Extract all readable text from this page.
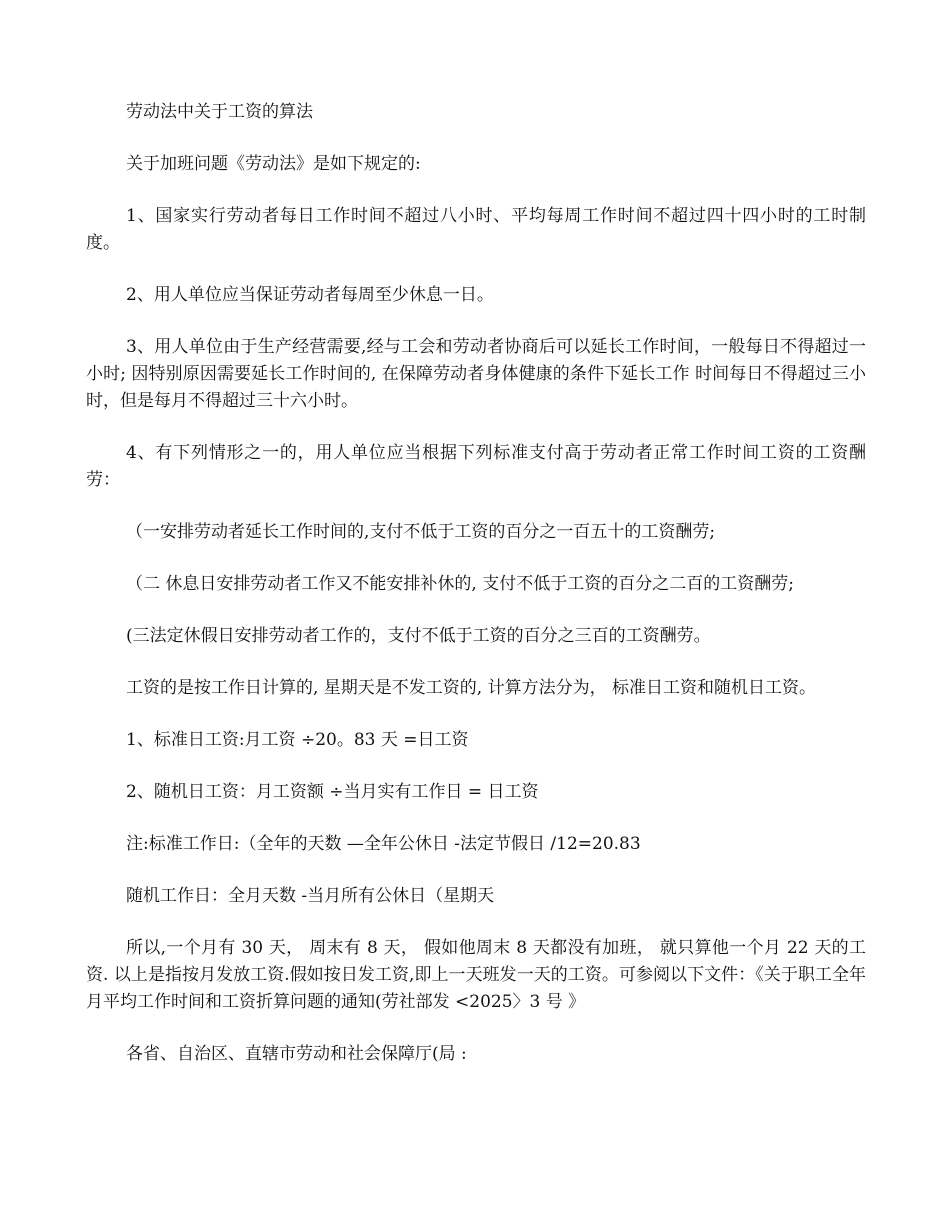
劳动法中关于工资的算法

关于加班问题《劳动法》是如下规定的:

1、国家实行劳动者每日工作时间不超过八小时、平均每周工作时间不超过四十四小时的工时制度。

2、用人单位应当保证劳动者每周至少休息一日。

3、用人单位由于生产经营需要,经与工会和劳动者协商后可以延长工作时间，一般每日不得超过一小时; 因特别原因需要延长工作时间的, 在保障劳动者身体健康的条件下延长工作 时间每日不得超过三小时，但是每月不得超过三十六小时。

4、有下列情形之一的，用人单位应当根据下列标准支付高于劳动者正常工作时间工资的工资酬劳：

（一安排劳动者延长工作时间的,支付不低于工资的百分之一百五十的工资酬劳;

（二 休息日安排劳动者工作又不能安排补休的, 支付不低于工资的百分之二百的工资酬劳;

(三法定休假日安排劳动者工作的，支付不低于工资的百分之三百的工资酬劳。

工资的是按工作日计算的, 星期天是不发工资的, 计算方法分为， 标准日工资和随机日工资。

1、标准日工资:月工资 ÷20。83 天 =日工资

2、随机日工资：月工资额 ÷当月实有工作日 = 日工资

注:标准工作日:（全年的天数 —全年公休日 -法定节假日 /12=20.83

随机工作日：全月天数 -当月所有公休日（星期天

所以,一个月有 30 天， 周末有 8 天， 假如他周末 8 天都没有加班， 就只算他一个月 22 天的工资. 以上是指按月发放工资.假如按日发工资,即上一天班发一天的工资。可参阅以下文件：《关于职工全年月平均工作时间和工资折算问题的通知(劳社部发 <2025〉3 号 》

各省、自治区、直辖市劳动和社会保障厅(局 :
